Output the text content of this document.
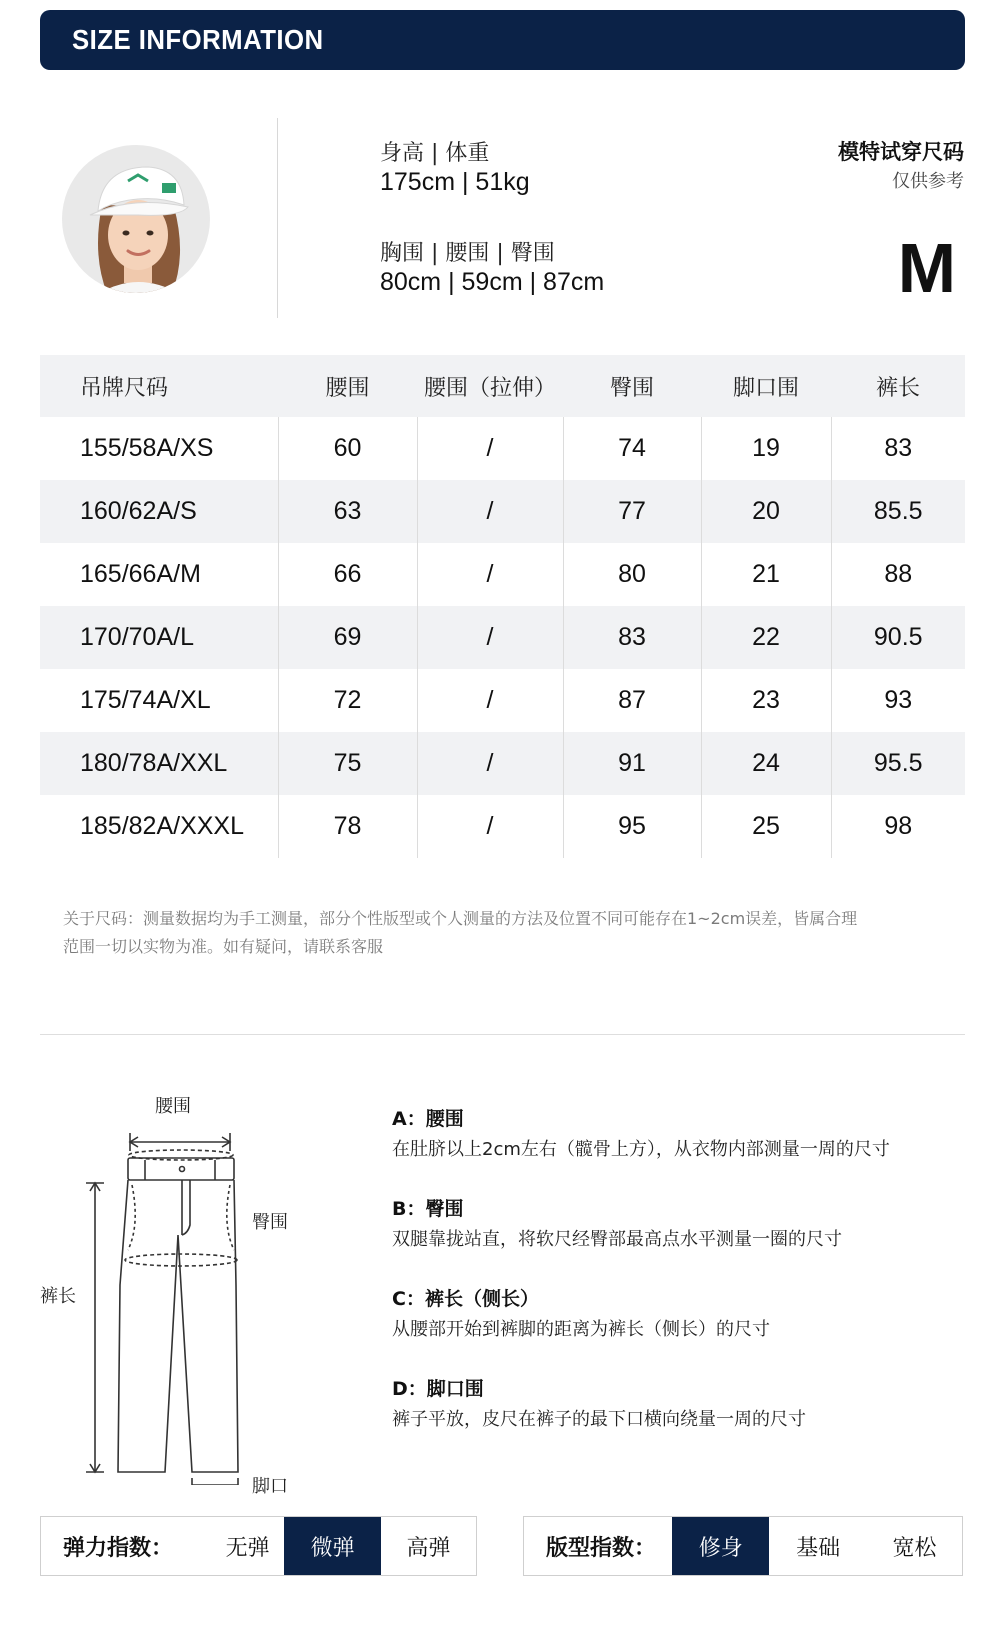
SIZE INFORMATION
身高 | 体重
175cm | 51kg
胸围 | 腰围 | 臀围
80cm | 59cm | 87cm
模特试穿尺码
仅供参考
M
吊牌尺码	腰围	腰围（拉伸）	臀围	脚口围	裤长
155/58A/XS	60	/	74	19	83
160/62A/S	63	/	77	20	85.5
165/66A/M	66	/	80	21	88
170/70A/L	69	/	83	22	90.5
175/74A/XL	72	/	87	23	93
180/78A/XXL	75	/	91	24	95.5
185/82A/XXXL	78	/	95	25	98
关于尺码：测量数据均为手工测量，部分个性版型或个人测量的方法及位置不同可能存在1~2cm误差，皆属合理
范围一切以实物为准。如有疑问，请联系客服
腰围
臀围
裤长
脚口
A：腰围
在肚脐以上2cm左右（髋骨上方），从衣物内部测量一周的尺寸
B：臀围
双腿靠拢站直，将软尺经臀部最高点水平测量一圈的尺寸
C：裤长（侧长）
从腰部开始到裤脚的距离为裤长（侧长）的尺寸
D：脚口围
裤子平放，皮尺在裤子的最下口横向绕量一周的尺寸
弹力指数：	无弹	微弹	高弹	版型指数：	修身	基础	宽松
